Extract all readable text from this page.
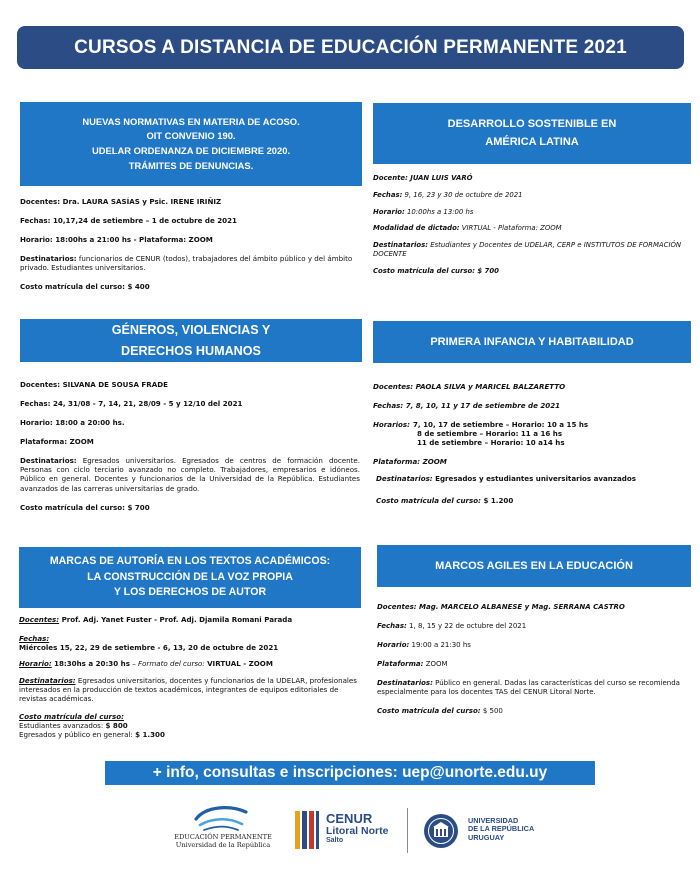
CURSOS A DISTANCIA DE EDUCACIÓN PERMANENTE 2021
NUEVAS NORMATIVAS EN MATERIA DE ACOSO.
OIT CONVENIO 190.
UDELAR ORDENANZA DE DICIEMBRE 2020.
TRÁMITES DE DENUNCIAS.
Docentes: Dra. LAURA SASÍAS y Psic. IRENE IRIÑIZ
Fechas: 10,17,24 de setiembre – 1 de octubre de 2021
Horario: 18:00hs a 21:00 hs - Plataforma: ZOOM
Destinatarios: funcionarios de CENUR (todos), trabajadores del ámbito público y del ámbito privado. Estudiantes universitarios.
Costo matrícula del curso: $ 400
DESARROLLO SOSTENIBLE EN
AMÉRICA LATINA
Docente: JUAN LUIS VARÓ
Fechas: 9, 16, 23 y 30 de octubre de 2021
Horario: 10:00hs a 13:00 hs
Modalidad de dictado: VIRTUAL - Plataforma: ZOOM
Destinatarios: Estudiantes y Docentes de UDELAR, CERP e INSTITUTOS DE FORMACIÓN DOCENTE
Costo matrícula del curso: $ 700
GÉNEROS, VIOLENCIAS Y
DERECHOS HUMANOS
Docentes: SILVANA DE SOUSA FRADE
Fechas: 24, 31/08 - 7, 14, 21, 28/09 - 5 y 12/10 del 2021
Horario: 18:00 a 20:00 hs.
Plataforma: ZOOM
Destinatarios: Egresados universitarios. Egresados de centros de formación docente. Personas con ciclo terciario avanzado no completo. Trabajadores, empresarios e idóneos. Público en general. Docentes y funcionarios de la Universidad de la República. Estudiantes avanzados de las carreras universitarias de grado.
Costo matrícula del curso: $ 700
PRIMERA INFANCIA Y HABITABILIDAD
Docentes: PAOLA SILVA y MARICEL BALZARETTO
Fechas: 7, 8, 10, 11 y 17 de setiembre de 2021
Horarios: 7, 10, 17 de setiembre – Horario: 10 a 15 hs
8 de setiembre – Horario: 11 a 16 hs
11 de setiembre – Horario: 10 a14 hs
Plataforma: ZOOM
Destinatarios: Egresados y estudiantes universitarios avanzados
Costo matrícula del curso: $ 1.200
MARCAS DE AUTORÍA EN LOS TEXTOS ACADÉMICOS:
LA CONSTRUCCIÓN DE LA VOZ PROPIA
Y LOS DERECHOS DE AUTOR
Docentes: Prof. Adj. Yanet Fuster - Prof. Adj. Djamila Romani Parada
Fechas:
Miércoles 15, 22, 29 de setiembre - 6, 13, 20 de octubre de 2021
Horario: 18:30hs a 20:30 hs – Formato del curso: VIRTUAL - ZOOM
Destinatarios: Egresados universitarios, docentes y funcionarios de la UDELAR, profesionales interesados en la producción de textos académicos, integrantes de equipos editoriales de revistas académicas.
Costo matrícula del curso:
Estudiantes avanzados: $ 800
Egresados y público en general: $ 1.300
MARCOS AGILES EN LA EDUCACIÓN
Docentes: Mag. MARCELO ALBANESE y Mag. SERRANA CASTRO
Fechas: 1, 8, 15 y 22 de octubre del 2021
Horario: 19:00 a 21:30 hs
Plataforma: ZOOM
Destinatarios: Público en general. Dadas las características del curso se recomienda especialmente para los docentes TAS del CENUR Litoral Norte.
Costo matrícula del curso: $ 500
+ info, consultas e inscripciones: uep@unorte.edu.uy
EDUCACIÓN PERMANENTE
Universidad de la República
CENUR
Litoral Norte
Salto
UNIVERSIDAD
DE LA REPÚBLICA
URUGUAY
